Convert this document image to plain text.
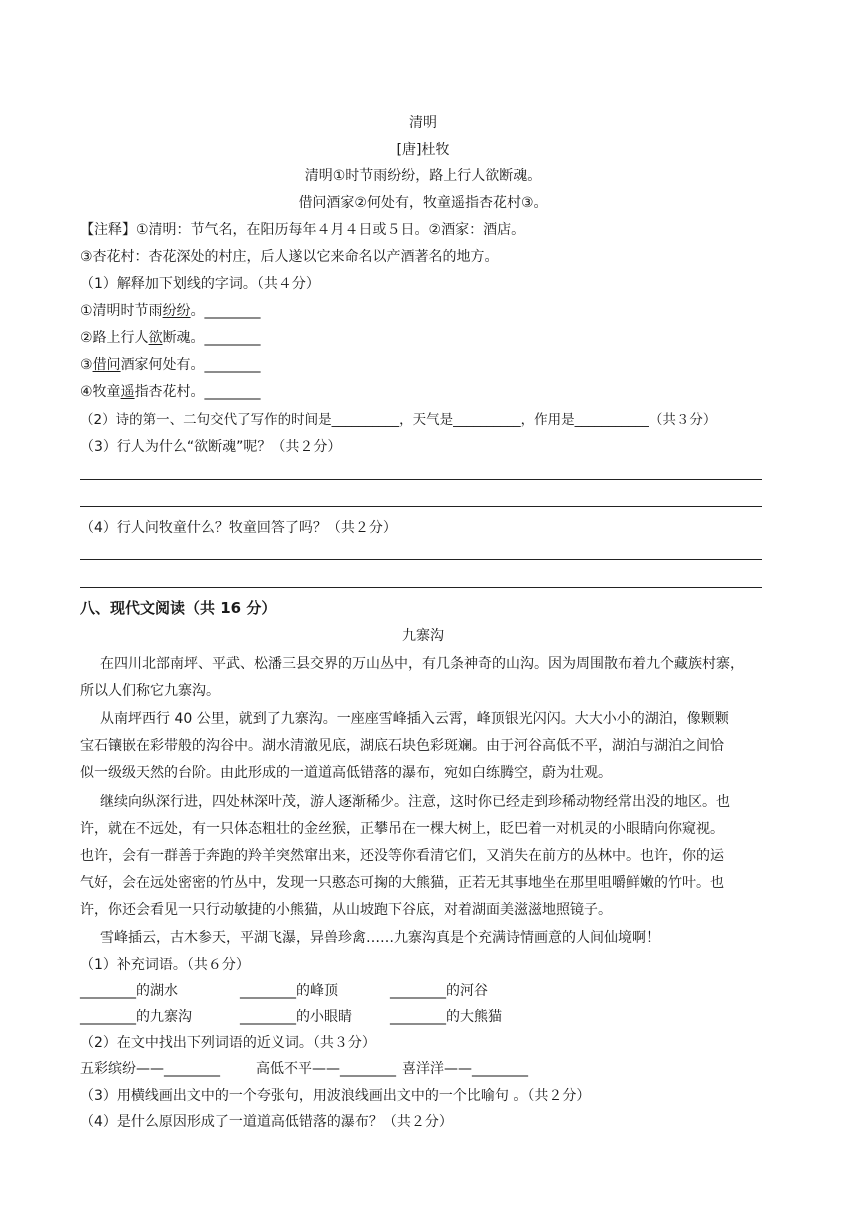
清明
[唐]杜牧
清明①时节雨纷纷，路上行人欲断魂。
借问酒家②何处有，牧童遥指杏花村③。
【注释】①清明：节气名，在阳历每年４月４日或５日。②酒家：酒店。
③杏花村：杏花深处的村庄，后人遂以它来命名以产酒著名的地方。
（1）解释加下划线的字词。（共４分）
①清明时节雨纷纷。________
②路上行人欲断魂。________
③借问酒家何处有。________
④牧童遥指杏花村。________
（2）诗的第一、二句交代了写作的时间是__________，天气是__________，作用是___________（共３分）
（3）行人为什么“欲断魂”呢？（共２分）
（4）行人问牧童什么？牧童回答了吗？（共２分）
八、现代文阅读（共 16 分）
九寨沟
在四川北部南坪、平武、松潘三县交界的万山丛中，有几条神奇的山沟。因为周围散布着九个藏族村寨，
所以人们称它九寨沟。
从南坪西行 40 公里，就到了九寨沟。一座座雪峰插入云霄，峰顶银光闪闪。大大小小的湖泊，像颗颗
宝石镶嵌在彩带般的沟谷中。湖水清澈见底，湖底石块色彩斑斓。由于河谷高低不平，湖泊与湖泊之间恰
似一级级天然的台阶。由此形成的一道道高低错落的瀑布，宛如白练腾空，蔚为壮观。
继续向纵深行进，四处林深叶茂，游人逐渐稀少。注意，这时你已经走到珍稀动物经常出没的地区。也
许，就在不远处，有一只体态粗壮的金丝猴，正攀吊在一棵大树上，眨巴着一对机灵的小眼睛向你窥视。
也许，会有一群善于奔跑的羚羊突然窜出来，还没等你看清它们，又消失在前方的丛林中。也许，你的运
气好，会在远处密密的竹丛中，发现一只憨态可掬的大熊猫，正若无其事地坐在那里咀嚼鲜嫩的竹叶。也
许，你还会看见一只行动敏捷的小熊猫，从山坡跑下谷底，对着湖面美滋滋地照镜子。
雪峰插云，古木参天，平湖飞瀑，异兽珍禽……九寨沟真是个充满诗情画意的人间仙境啊！
（1）补充词语。（共６分）
________的湖水	________的峰顶	________的河谷
________的九寨沟	________的小眼睛	________的大熊猫
（2）在文中找出下列词语的近义词。（共３分）
五彩缤纷——________	高低不平——________ 喜洋洋——________
（3）用横线画出文中的一个夸张句，用波浪线画出文中的一个比喻句 。（共２分）
（4）是什么原因形成了一道道高低错落的瀑布？（共２分）
